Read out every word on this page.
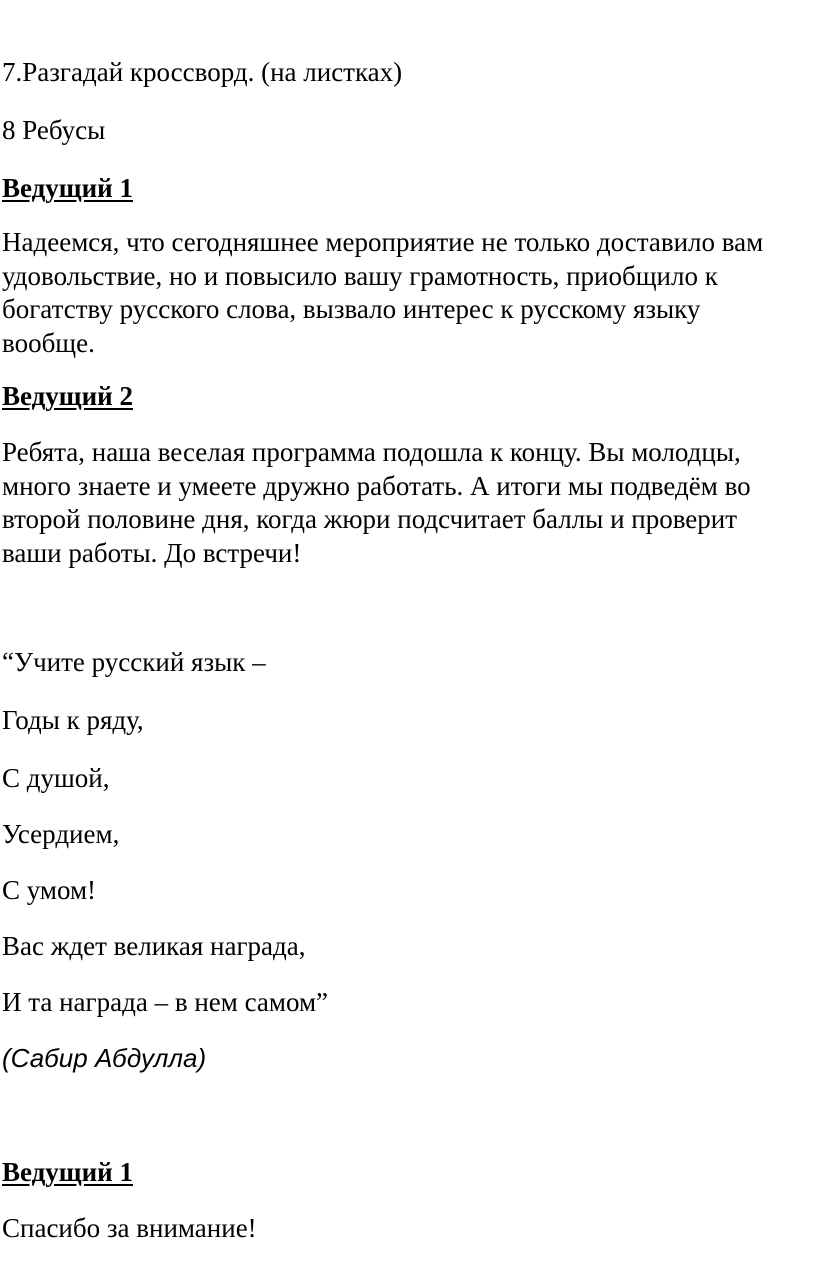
7.Разгадай кроссворд. (на листках)

8 Ребусы

Ведущий 1

Надеемся, что сегодняшнее мероприятие не только доставило вам
удовольствие, но и повысило вашу грамотность, приобщило к
богатству русского слова, вызвало интерес к русскому языку
вообще.

Ведущий 2

Ребята, наша веселая программа подошла к концу. Вы молодцы,
много знаете и умеете дружно работать. А итоги мы подведём во
второй половине дня, когда жюри подсчитает баллы и проверит
ваши работы. До встречи!

“Учите русский язык –

Годы к ряду,

С душой,

Усердием,

С умом!

Вас ждет великая награда,

И та награда – в нем самом”

(Сабир Абдулла)

Ведущий 1

Спасибо за внимание!
